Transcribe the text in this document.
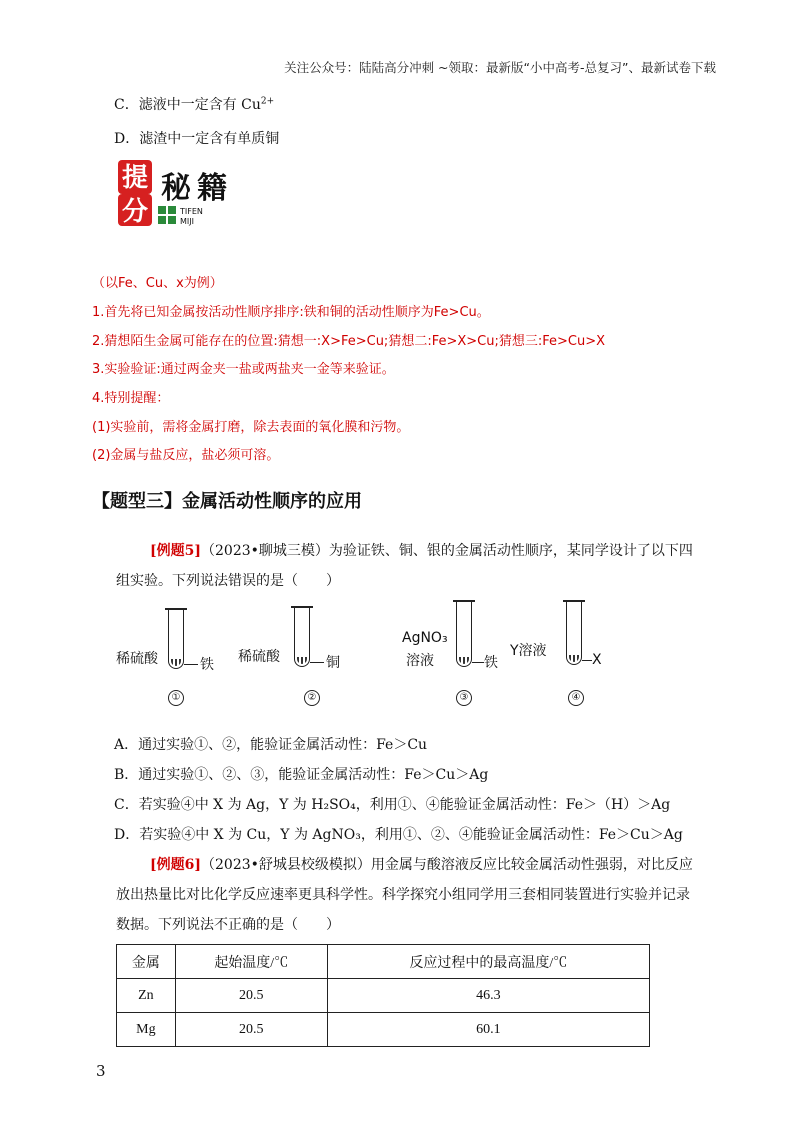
关注公众号：陆陆高分冲刺 ~领取：最新版“小中高考-总复习”、最新试卷下载
C．滤液中一定含有 $Cu^{2+}$
D．滤渣中一定含有单质铜
提
分
秘 籍
TIFEN
MIJI
（以Fe、Cu、x为例）
1.首先将已知金属按活动性顺序排序:铁和铜的活动性顺序为Fe>Cu。
2.猜想陌生金属可能存在的位置:猜想一:X>Fe>Cu;猜想二:Fe>X>Cu;猜想三:Fe>Cu>X
3.实验验证:通过两金夹一盐或两盐夹一金等来验证。
4.特别提醒：
(1)实验前，需将金属打磨，除去表面的氧化膜和污物。
(2)金属与盐反应，盐必须可溶。
【题型三】金属活动性顺序的应用
[例题5]（2023•聊城三模）为验证铁、铜、银的金属活动性顺序，某同学设计了以下四
组实验。下列说法错误的是（　　）
稀硫酸	铁
①
稀硫酸	铜
②
AgNO₃
溶液	铁
③
Y溶液
X
④
A．通过实验①、②，能验证金属活动性：Fe＞Cu
B．通过实验①、②、③，能验证金属活动性：Fe＞Cu＞Ag
C．若实验④中 X 为 Ag，Y 为 H₂SO₄，利用①、④能验证金属活动性：Fe＞（H）＞Ag
D．若实验④中 X 为 Cu，Y 为 AgNO₃，利用①、②、④能验证金属活动性：Fe＞Cu＞Ag
[例题6]（2023•舒城县校级模拟）用金属与酸溶液反应比较金属活动性强弱，对比反应
放出热量比对比化学反应速率更具科学性。科学探究小组同学用三套相同装置进行实验并记录
数据。下列说法不正确的是（　　）
金属	起始温度/℃	反应过程中的最高温度/℃
Zn	20.5	46.3
Mg	20.5	60.1
3
